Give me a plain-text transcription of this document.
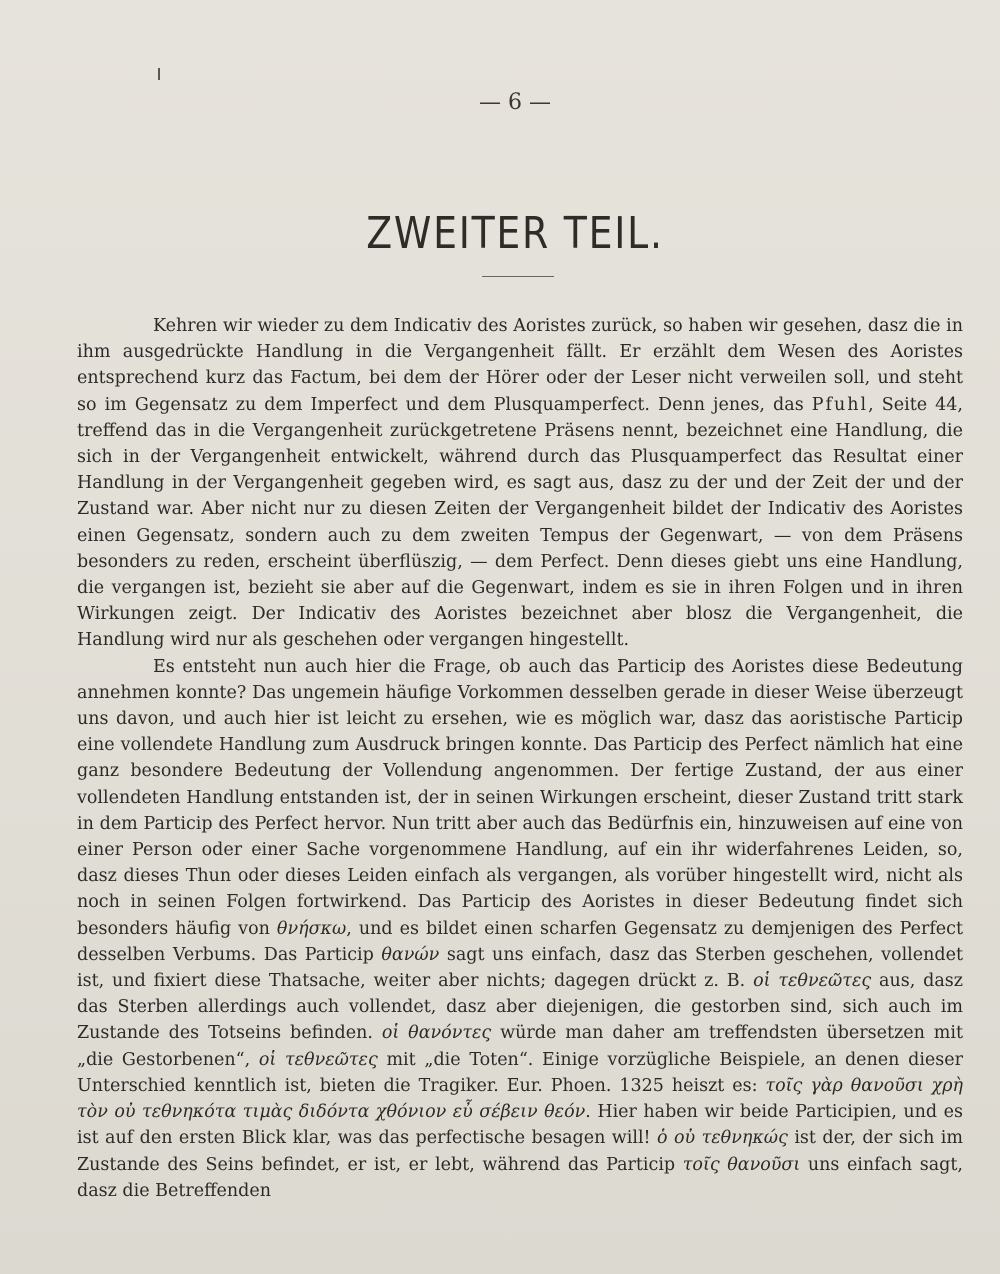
— 6 —
ZWEITER TEIL.

Kehren wir wieder zu dem Indicativ des Aoristes zurück, so haben wir gesehen, dasz die in ihm ausgedrückte Handlung in die Vergangenheit fällt. Er erzählt dem Wesen des Aoristes entsprechend kurz das Factum, bei dem der Hörer oder der Leser nicht verweilen soll, und steht so im Gegensatz zu dem Imperfect und dem Plusquamperfect. Denn jenes, das Pfuhl, Seite 44, treffend das in die Vergangenheit zurückgetretene Präsens nennt, bezeichnet eine Handlung, die sich in der Vergangenheit entwickelt, während durch das Plusquamperfect das Resultat einer Handlung in der Vergangenheit gegeben wird, es sagt aus, dasz zu der und der Zeit der und der Zustand war. Aber nicht nur zu diesen Zeiten der Vergangenheit bildet der Indicativ des Aoristes einen Gegensatz, sondern auch zu dem zweiten Tempus der Gegenwart, — von dem Präsens besonders zu reden, erscheint überflüszig, — dem Perfect. Denn dieses giebt uns eine Handlung, die vergangen ist, bezieht sie aber auf die Gegenwart, indem es sie in ihren Folgen und in ihren Wirkungen zeigt. Der Indicativ des Aoristes bezeichnet aber blosz die Vergangenheit, die Handlung wird nur als geschehen oder vergangen hingestellt.

Es entsteht nun auch hier die Frage, ob auch das Particip des Aoristes diese Bedeutung annehmen konnte? Das ungemein häufige Vorkommen desselben gerade in dieser Weise überzeugt uns davon, und auch hier ist leicht zu ersehen, wie es möglich war, dasz das aoristische Particip eine vollendete Handlung zum Ausdruck bringen konnte. Das Particip des Perfect nämlich hat eine ganz besondere Bedeutung der Vollendung angenommen. Der fertige Zustand, der aus einer vollendeten Handlung entstanden ist, der in seinen Wirkungen erscheint, dieser Zustand tritt stark in dem Particip des Perfect hervor. Nun tritt aber auch das Bedürfnis ein, hinzuweisen auf eine von einer Person oder einer Sache vorgenommene Handlung, auf ein ihr widerfahrenes Leiden, so, dasz dieses Thun oder dieses Leiden einfach als vergangen, als vorüber hingestellt wird, nicht als noch in seinen Folgen fortwirkend. Das Particip des Aoristes in dieser Bedeutung findet sich besonders häufig von θνήσκω, und es bildet einen scharfen Gegensatz zu demjenigen des Perfect desselben Verbums. Das Particip θανών sagt uns einfach, dasz das Sterben geschehen, vollendet ist, und fixiert diese Thatsache, weiter aber nichts; dagegen drückt z. B. οἱ τεθνεῶτες aus, dasz das Sterben allerdings auch vollendet, dasz aber diejenigen, die gestorben sind, sich auch im Zustande des Totseins befinden. οἱ θανόντες würde man daher am treffendsten übersetzen mit „die Gestorbenen“, οἱ τεθνεῶτες mit „die Toten“. Einige vorzügliche Beispiele, an denen dieser Unterschied kenntlich ist, bieten die Tragiker. Eur. Phoen. 1325 heiszt es: τοῖς γὰρ θανοῦσι χρὴ τὸν οὐ τεθνηκότα τιμὰς διδόντα χθόνιον εὖ σέβειν θεόν. Hier haben wir beide Participien, und es ist auf den ersten Blick klar, was das perfectische besagen will! ὁ οὐ τεθνηκώς ist der, der sich im Zustande des Seins befindet, er ist, er lebt, während das Particip τοῖς θανοῦσι uns einfach sagt, dasz die Betreffenden
